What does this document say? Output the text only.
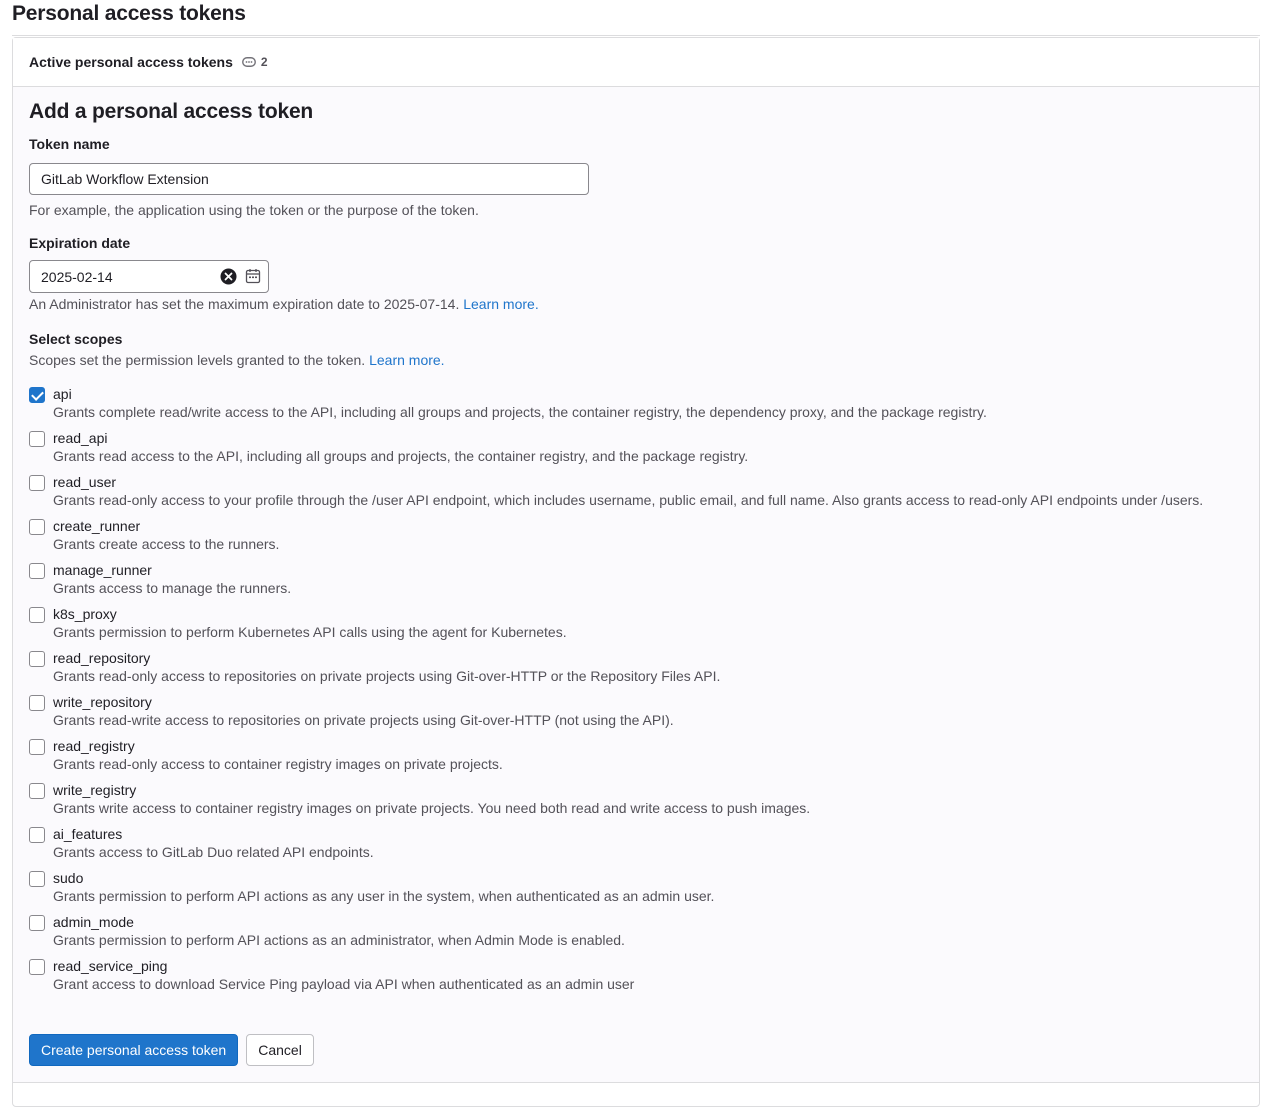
Personal access tokens
Active personal access tokens 2
Add a personal access token
Token name
GitLab Workflow Extension
For example, the application using the token or the purpose of the token.
Expiration date
2025-02-14
An Administrator has set the maximum expiration date to 2025-07-14. Learn more.
Select scopes
Scopes set the permission levels granted to the token. Learn more.
api
Grants complete read/write access to the API, including all groups and projects, the container registry, the dependency proxy, and the package registry.
read_api
Grants read access to the API, including all groups and projects, the container registry, and the package registry.
read_user
Grants read-only access to your profile through the /user API endpoint, which includes username, public email, and full name. Also grants access to read-only API endpoints under /users.
create_runner
Grants create access to the runners.
manage_runner
Grants access to manage the runners.
k8s_proxy
Grants permission to perform Kubernetes API calls using the agent for Kubernetes.
read_repository
Grants read-only access to repositories on private projects using Git-over-HTTP or the Repository Files API.
write_repository
Grants read-write access to repositories on private projects using Git-over-HTTP (not using the API).
read_registry
Grants read-only access to container registry images on private projects.
write_registry
Grants write access to container registry images on private projects. You need both read and write access to push images.
ai_features
Grants access to GitLab Duo related API endpoints.
sudo
Grants permission to perform API actions as any user in the system, when authenticated as an admin user.
admin_mode
Grants permission to perform API actions as an administrator, when Admin Mode is enabled.
read_service_ping
Grant access to download Service Ping payload via API when authenticated as an admin user
Create personal access token	Cancel
